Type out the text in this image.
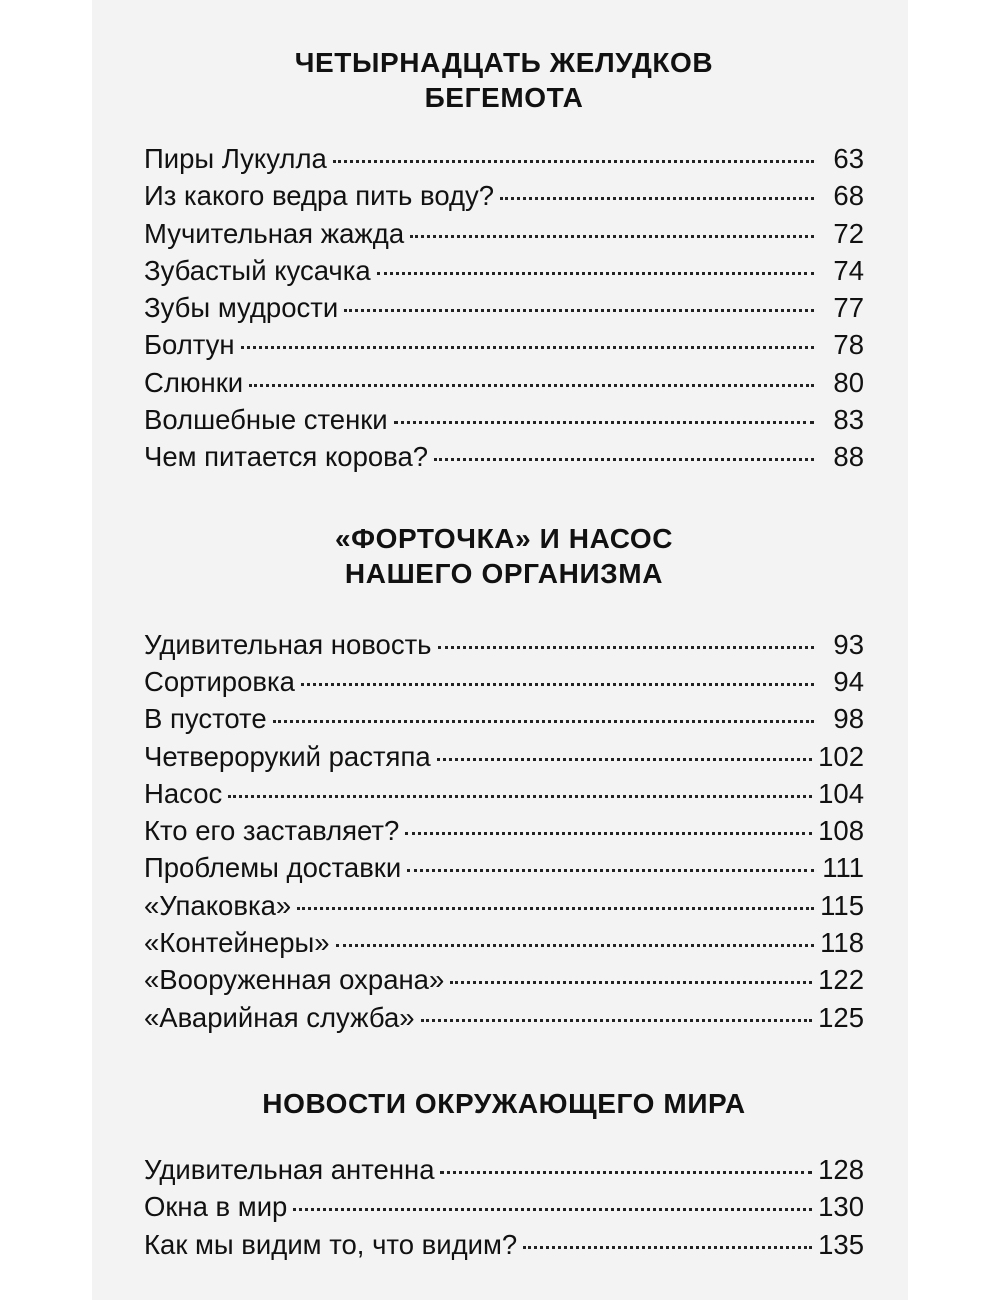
ЧЕТЫРНАДЦАТЬ ЖЕЛУДКОВ
БЕГЕМОТА
Пиры Лукулла	63
Из какого ведра пить воду?	68
Мучительная жажда	72
Зубастый кусачка	74
Зубы мудрости	77
Болтун	78
Слюнки	80
Волшебные стенки	83
Чем питается корова?	88
«ФОРТОЧКА» И НАСОС
НАШЕГО ОРГАНИЗМА
Удивительная новость	93
Сортировка	94
В пустоте	98
Четверорукий растяпа	102
Насос	104
Кто его заставляет?	108
Проблемы доставки	111
«Упаковка»	115
«Контейнеры»	118
«Вооруженная охрана»	122
«Аварийная служба»	125
НОВОСТИ ОКРУЖАЮЩЕГО МИРА
Удивительная антенна	128
Окна в мир	130
Как мы видим то, что видим?	135
